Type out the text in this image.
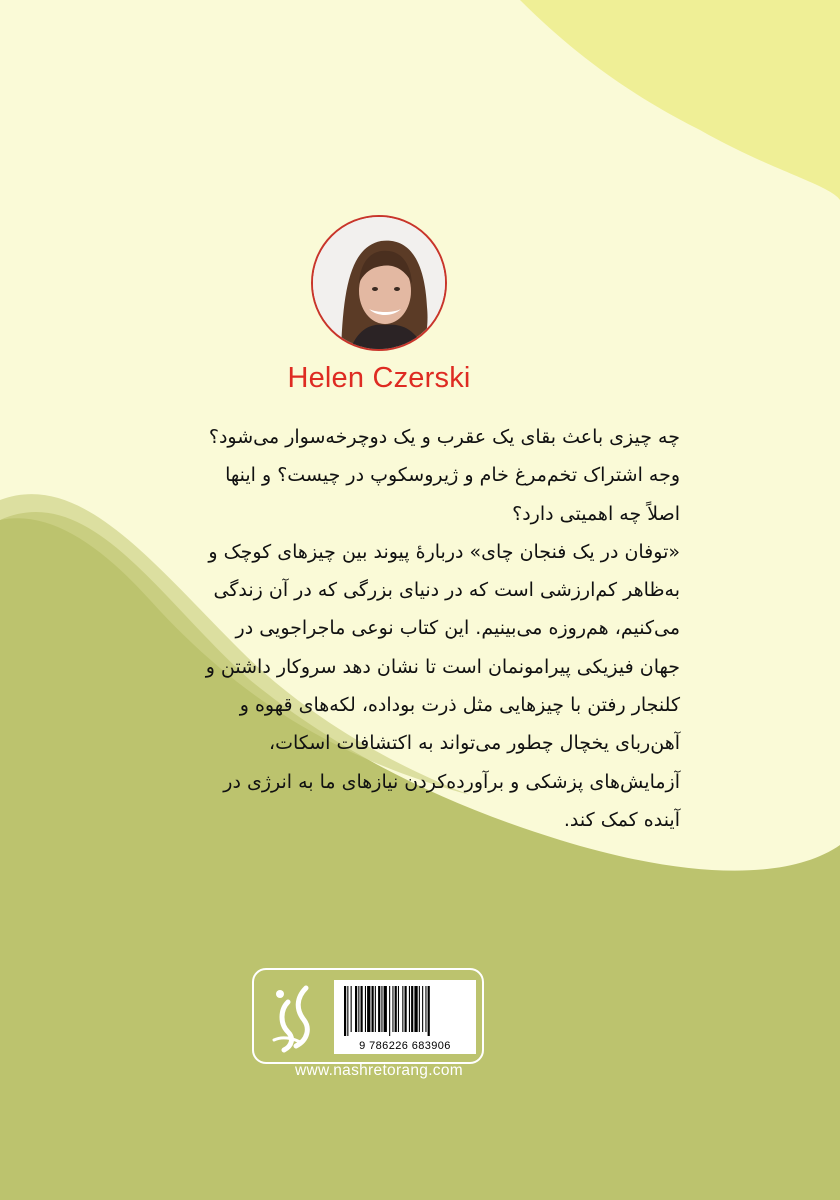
Helen Czerski

چه چیزی باعث بقای یک عقرب و یک دوچرخه‌سوار می‌شود؟

وجه اشتراک تخم‌مرغ خام و ژیروسکوپ در چیست؟ و اینها

اصلاً چه اهمیتی دارد؟

«توفان در یک فنجان چای» دربارهٔ پیوند بین چیزهای کوچک و

به‌ظاهر کم‌ارزشی است که در دنیای بزرگی که در آن زندگی

می‌کنیم، هم‌روزه می‌بینیم. این کتاب نوعی ماجراجویی در

جهان فیزیکی پیرامونمان است تا نشان دهد سروکار داشتن و

کلنجار رفتن با چیزهایی مثل ذرت بوداده، لکه‌های قهوه و

آهن‌ربای یخچال چطور می‌تواند به اکتشافات اسکات،

آزمایش‌های پزشکی و برآورده‌کردن نیازهای ما به انرژی در

آینده کمک کند.

9 786226 683906
www.nashretorang.com
